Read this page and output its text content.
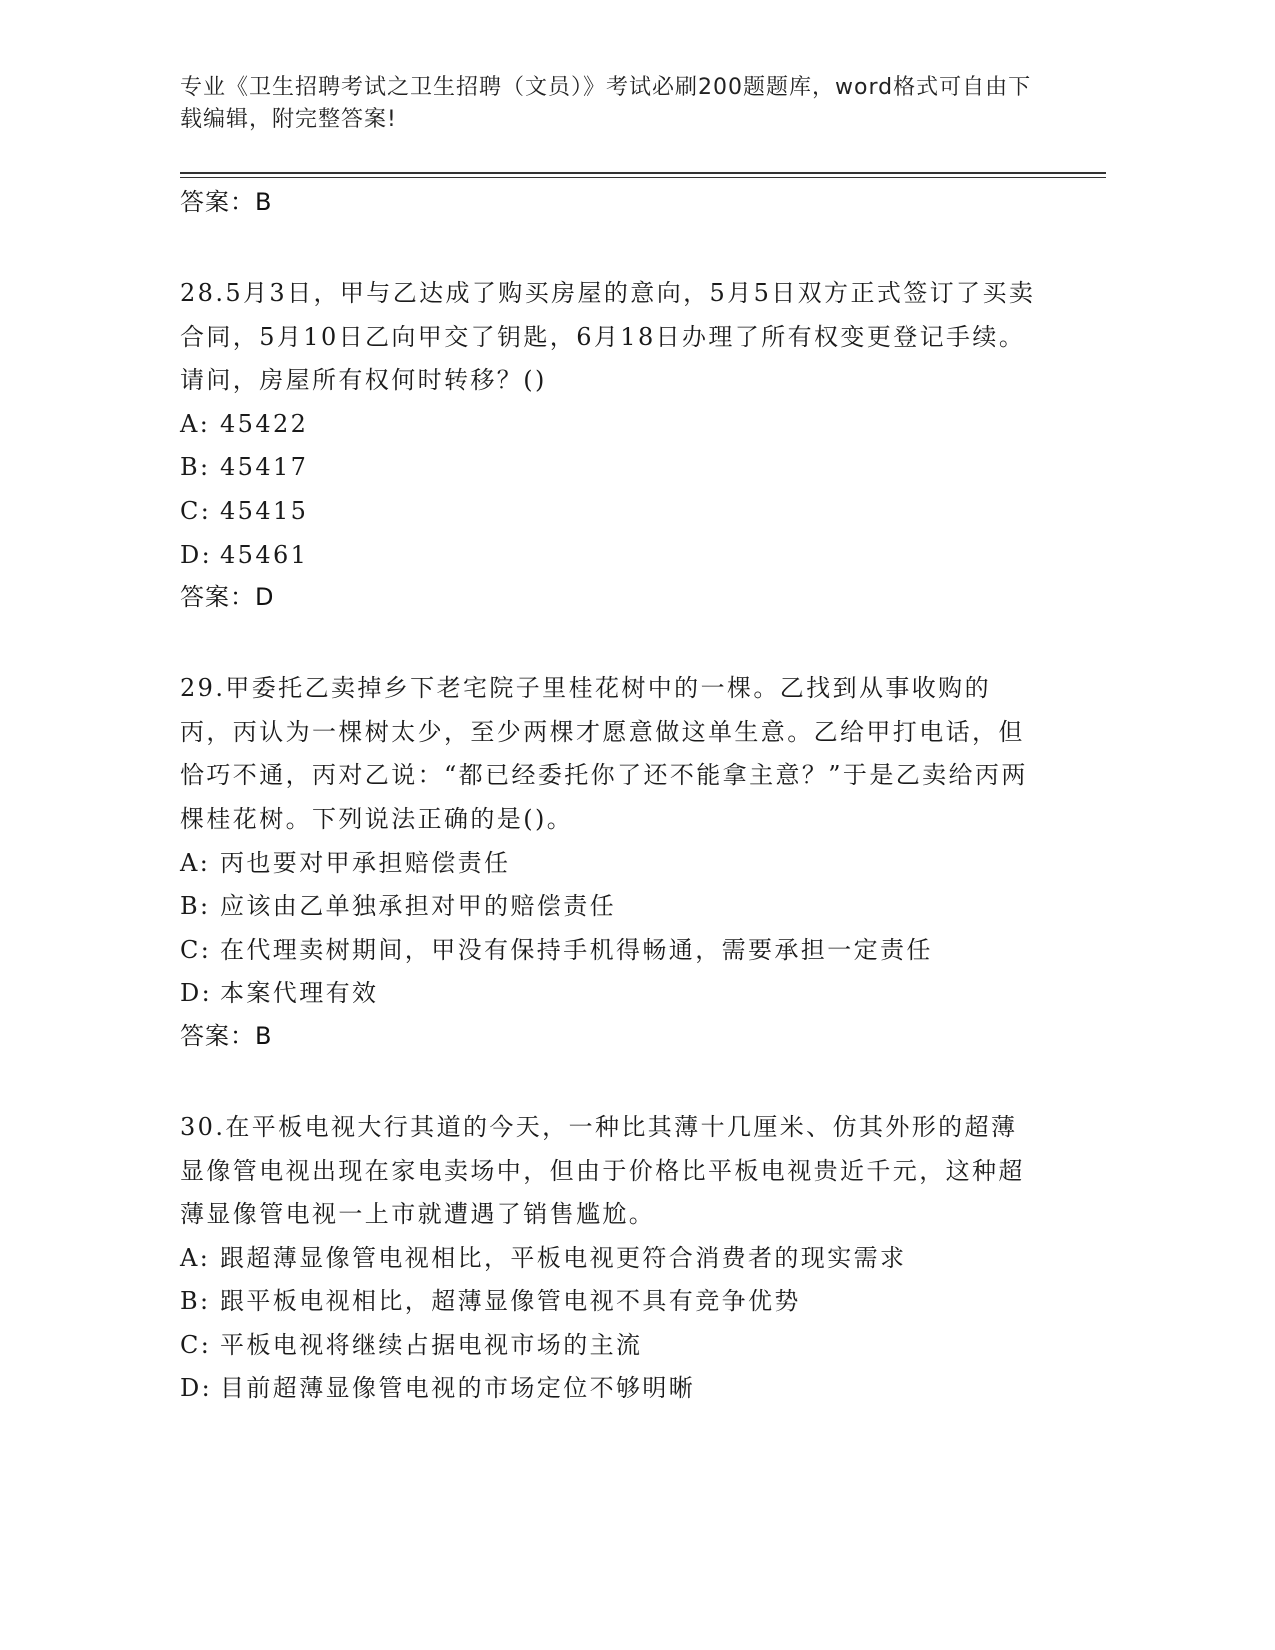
专业《卫生招聘考试之卫生招聘（文员）》考试必刷200题题库，word格式可自由下载编辑，附完整答案!
答案：B

28.5月3日，甲与乙达成了购买房屋的意向，5月5日双方正式签订了买卖合同，5月10日乙向甲交了钥匙，6月18日办理了所有权变更登记手续。请问，房屋所有权何时转移？()

A: 45422
B: 45417
C: 45415
D: 45461
答案：D

29.甲委托乙卖掉乡下老宅院子里桂花树中的一棵。乙找到从事收购的丙，丙认为一棵树太少，至少两棵才愿意做这单生意。乙给甲打电话，但恰巧不通，丙对乙说：“都已经委托你了还不能拿主意？”于是乙卖给丙两棵桂花树。下列说法正确的是()。

A: 丙也要对甲承担赔偿责任
B: 应该由乙单独承担对甲的赔偿责任
C: 在代理卖树期间，甲没有保持手机得畅通，需要承担一定责任
D: 本案代理有效
答案：B

30.在平板电视大行其道的今天，一种比其薄十几厘米、仿其外形的超薄显像管电视出现在家电卖场中，但由于价格比平板电视贵近千元，这种超薄显像管电视一上市就遭遇了销售尴尬。

A: 跟超薄显像管电视相比，平板电视更符合消费者的现实需求
B: 跟平板电视相比，超薄显像管电视不具有竞争优势
C: 平板电视将继续占据电视市场的主流
D: 目前超薄显像管电视的市场定位不够明晰
